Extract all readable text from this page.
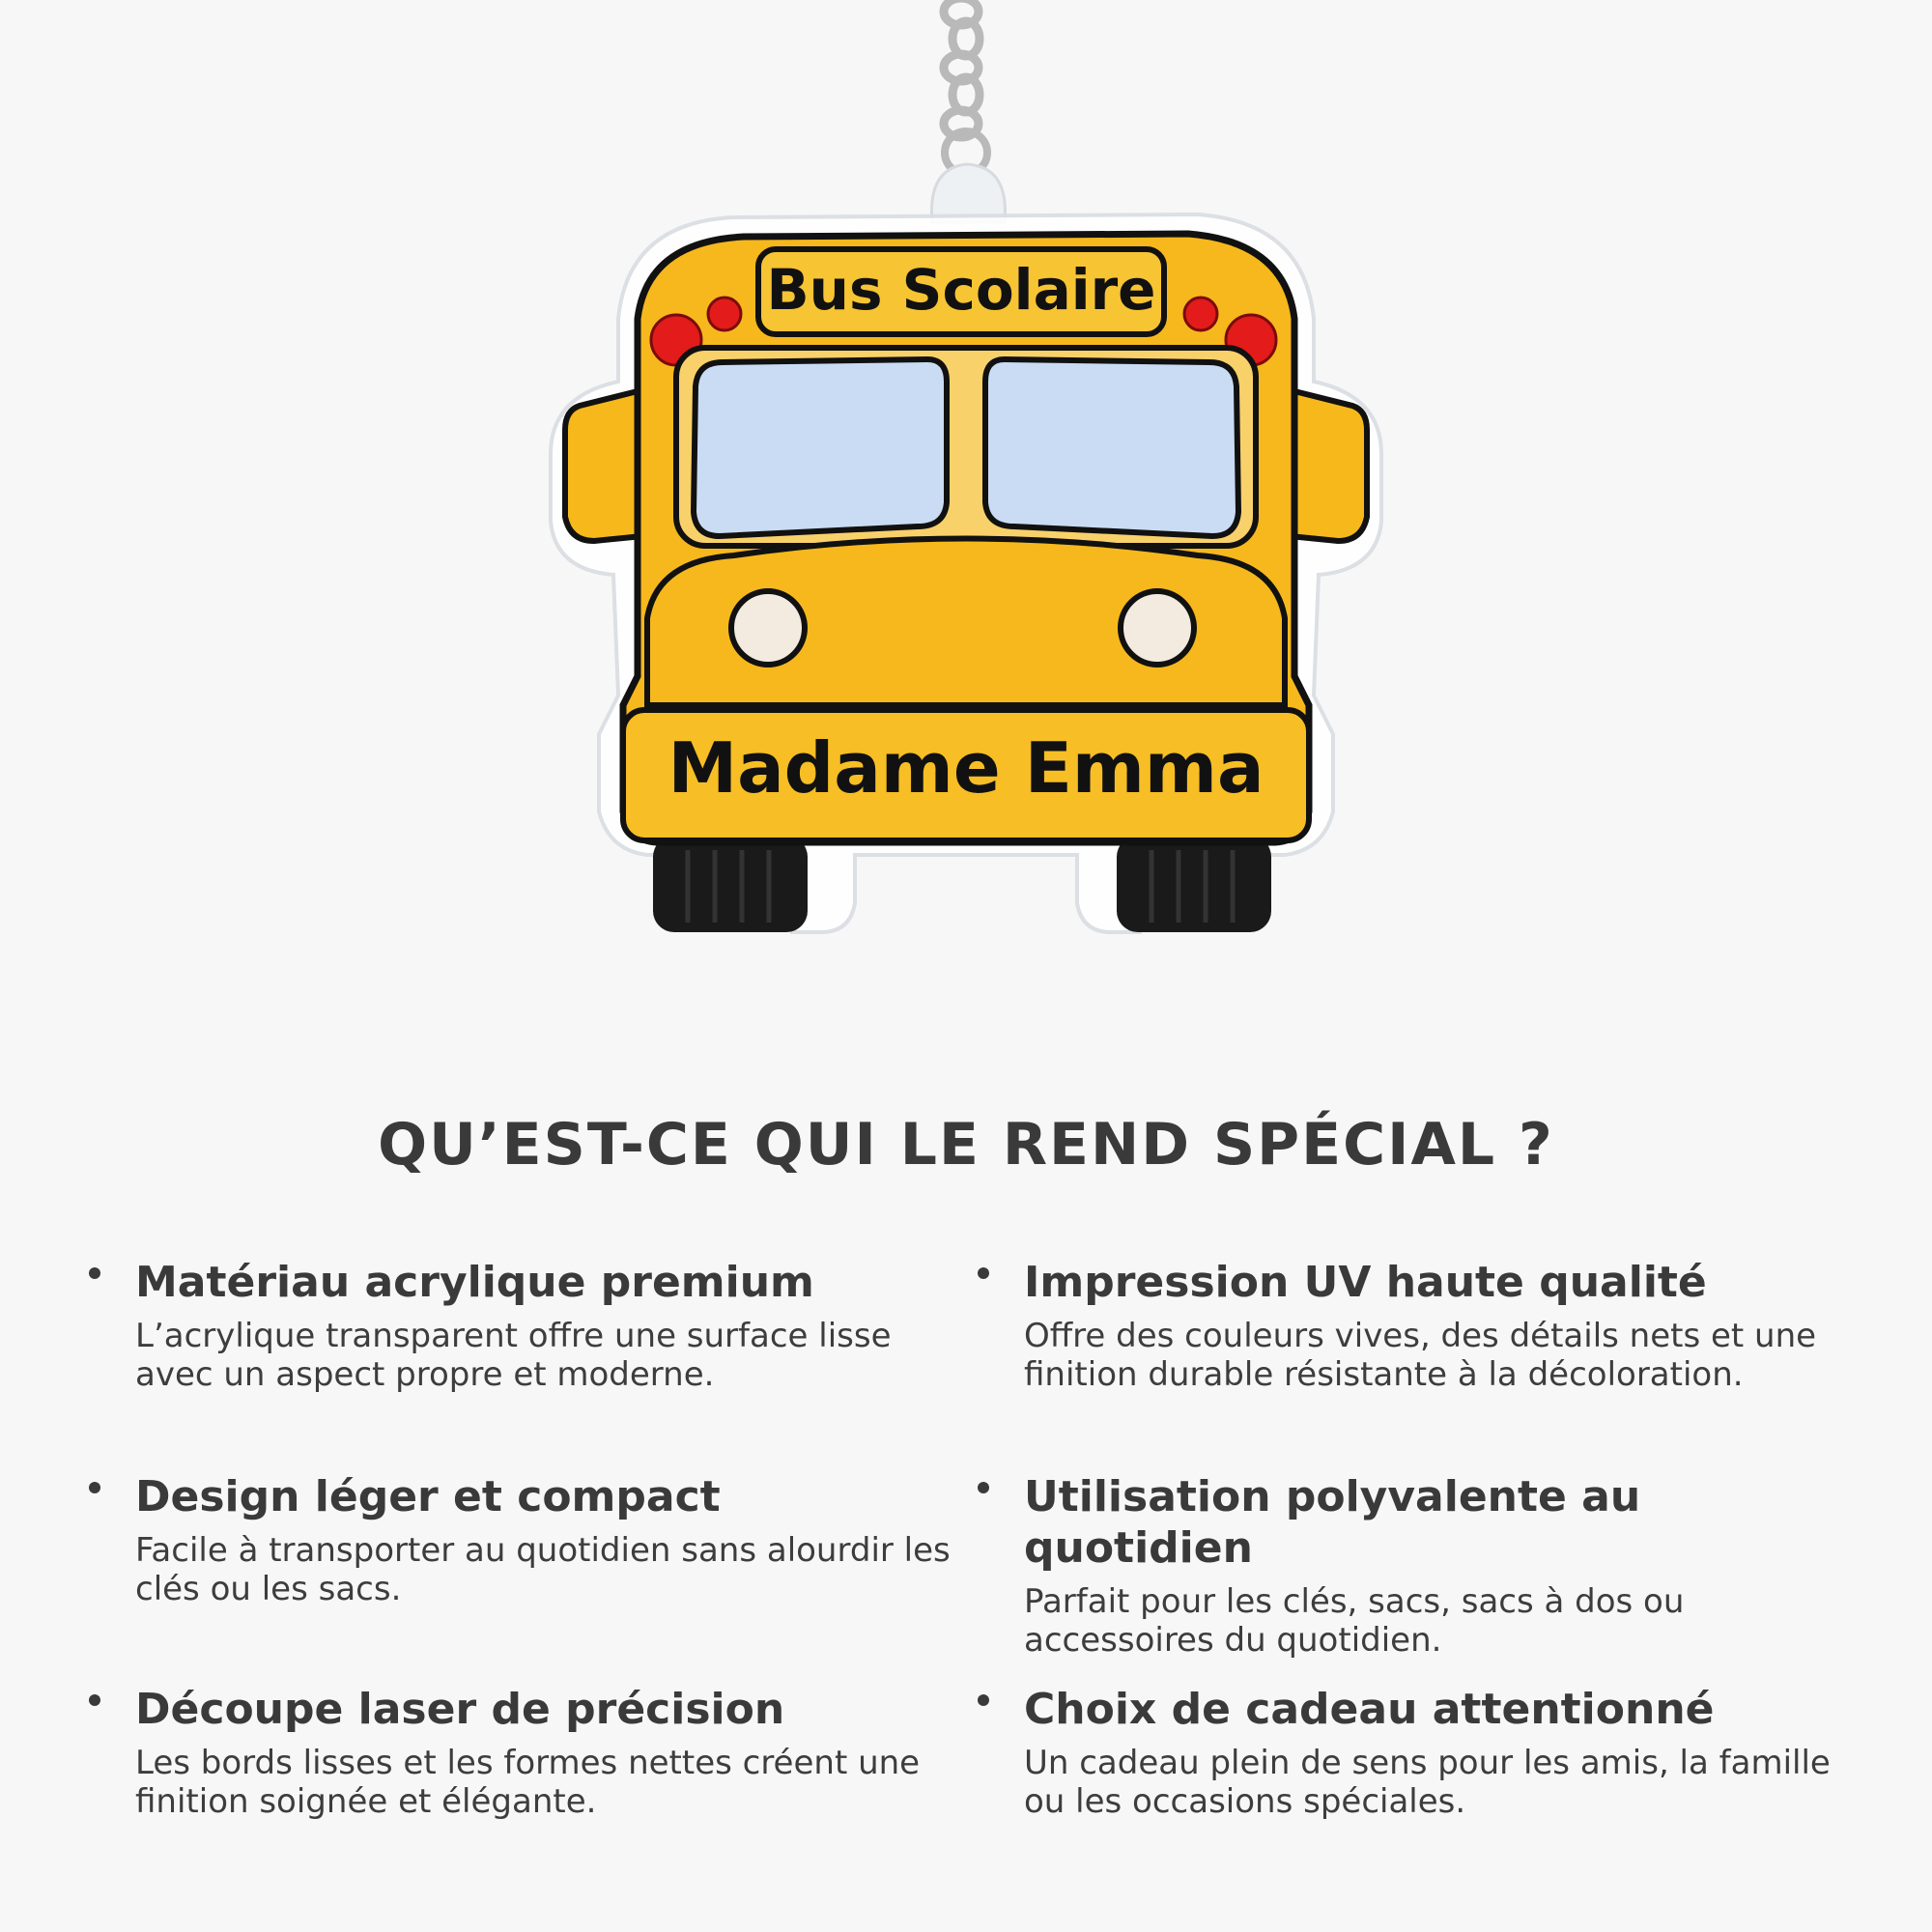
Bus Scolaire
Madame Emma
QU’EST-CE QUI LE REND SPÉCIAL ?
Matériau acrylique premium

L’acrylique transparent offre une surface lisse avec un aspect propre et moderne.

Impression UV haute qualité

Offre des couleurs vives, des détails nets et une finition durable résistante à la décoloration.

Design léger et compact

Facile à transporter au quotidien sans alourdir les clés ou les sacs.

Utilisation polyvalente au quotidien

Parfait pour les clés, sacs, sacs à dos ou accessoires du quotidien.

Découpe laser de précision

Les bords lisses et les formes nettes créent une finition soignée et élégante.

Choix de cadeau attentionné

Un cadeau plein de sens pour les amis, la famille ou les occasions spéciales.
